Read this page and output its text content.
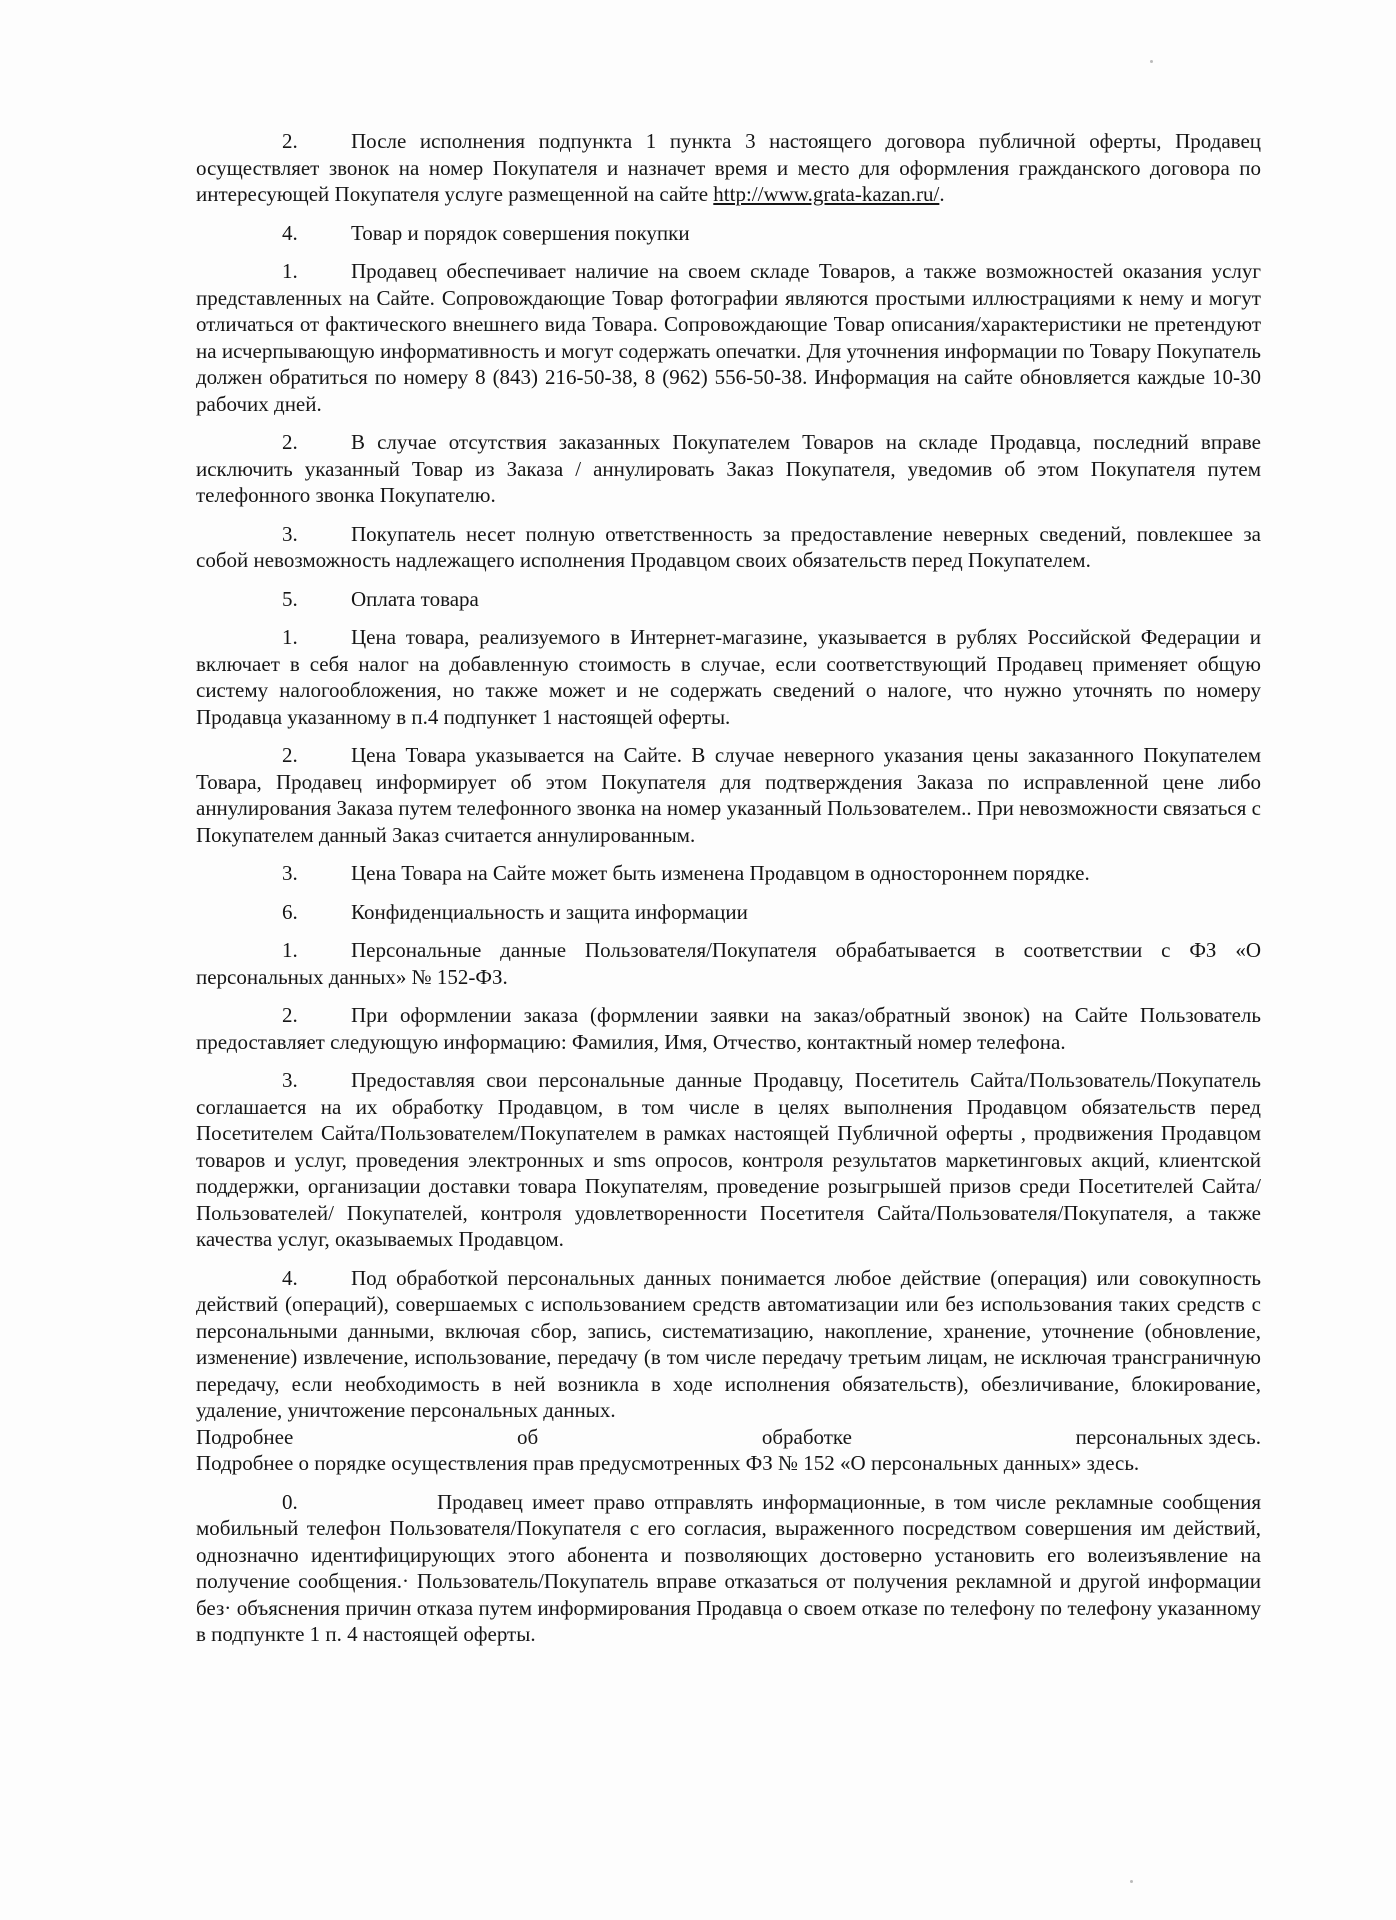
2.	После исполнения подпункта 1 пункта 3 настоящего договора публичной оферты, Продавец осуществляет звонок на номер Покупателя и назначет время и место для оформления гражданского договора по интересующей Покупателя услуге размещенной на сайте http://www.grata-kazan.ru/.

4.	Товар и порядок совершения покупки

1.	Продавец обеспечивает наличие на своем складе Товаров, а также возможностей оказания услуг представленных на Сайте. Сопровождающие Товар фотографии являются простыми иллюстрациями к нему и могут отличаться от фактического внешнего вида Товара. Сопровождающие Товар описания/характеристики не претендуют на исчерпывающую информативность и могут содержать опечатки. Для уточнения информации по Товару Покупатель должен обратиться по номеру 8 (843) 216-50-38, 8 (962) 556-50-38. Информация на сайте обновляется каждые 10-30 рабочих дней.

2.	В случае отсутствия заказанных Покупателем Товаров на складе Продавца, последний вправе исключить указанный Товар из Заказа / аннулировать Заказ Покупателя, уведомив об этом Покупателя путем телефонного звонка Покупателю.

3.	Покупатель несет полную ответственность за предоставление неверных сведений, повлекшее за собой невозможность надлежащего исполнения Продавцом своих обязательств перед Покупателем.

5.	Оплата товара

1.	Цена товара, реализуемого в Интернет-магазине, указывается в рублях Российской Федерации и включает в себя налог на добавленную стоимость в случае, если соответствующий Продавец применяет общую систему налогообложения, но также может и не содержать сведений о налоге, что нужно уточнять по номеру Продавца указанному в п.4 подпункет 1 настоящей оферты.

2.	Цена Товара указывается на Сайте. В случае неверного указания цены заказанного Покупателем Товара, Продавец информирует об этом Покупателя для подтверждения Заказа по исправленной цене либо аннулирования Заказа путем телефонного звонка на номер указанный Пользователем.. При невозможности связаться с Покупателем данный Заказ считается аннулированным.

3.	Цена Товара на Сайте может быть изменена Продавцом в одностороннем порядке.

6.	Конфиденциальность и защита информации

1.	Персональные данные Пользователя/Покупателя обрабатывается в соответствии с ФЗ «О персональных данных» № 152-ФЗ.

2.	При оформлении заказа (формлении заявки на заказ/обратный звонок) на Сайте Пользователь предоставляет следующую информацию: Фамилия, Имя, Отчество, контактный номер телефона.

3.	Предоставляя свои персональные данные Продавцу, Посетитель Сайта/Пользователь/Покупатель соглашается на их обработку Продавцом, в том числе в целях выполнения Продавцом обязательств перед Посетителем Сайта/Пользователем/Покупателем в рамках настоящей Публичной оферты , продвижения Продавцом товаров и услуг, проведения электронных и sms опросов, контроля результатов маркетинговых акций, клиентской поддержки, организации доставки товара Покупателям, проведение розыгрышей призов среди Посетителей Сайта/Пользователей/ Покупателей, контроля удовлетворенности Посетителя Сайта/Пользователя/Покупателя, а также качества услуг, оказываемых Продавцом.

4.	Под обработкой персональных данных понимается любое действие (операция) или совокупность действий (операций), совершаемых с использованием средств автоматизации или без использования таких средств с персональными данными, включая сбор, запись, систематизацию, накопление, хранение, уточнение (обновление, изменение) извлечение, использование, передачу (в том числе передачу третьим лицам, не исключая трансграничную передачу, если необходимость в ней возникла в ходе исполнения обязательств), обезличивание, блокирование, удаление, уничтожение персональных данных.

Подробнее	об	обработке	персональных здесь.

Подробнее о порядке осуществления прав предусмотренных ФЗ № 152 «О персональных данных» здесь.

0.	Продавец имеет право отправлять информационные, в том числе рекламные сообщения мобильный телефон Пользователя/Покупателя с его согласия, выраженного посредством совершения им действий, однозначно идентифицирующих этого абонента и позволяющих достоверно установить его волеизъявление на получение сообщения.· Пользователь/Покупатель вправе отказаться от получения рекламной и другой информации без· объяснения причин отказа путем информирования Продавца о своем отказе по телефону по телефону указанному в подпункте 1 п. 4 настоящей оферты.
